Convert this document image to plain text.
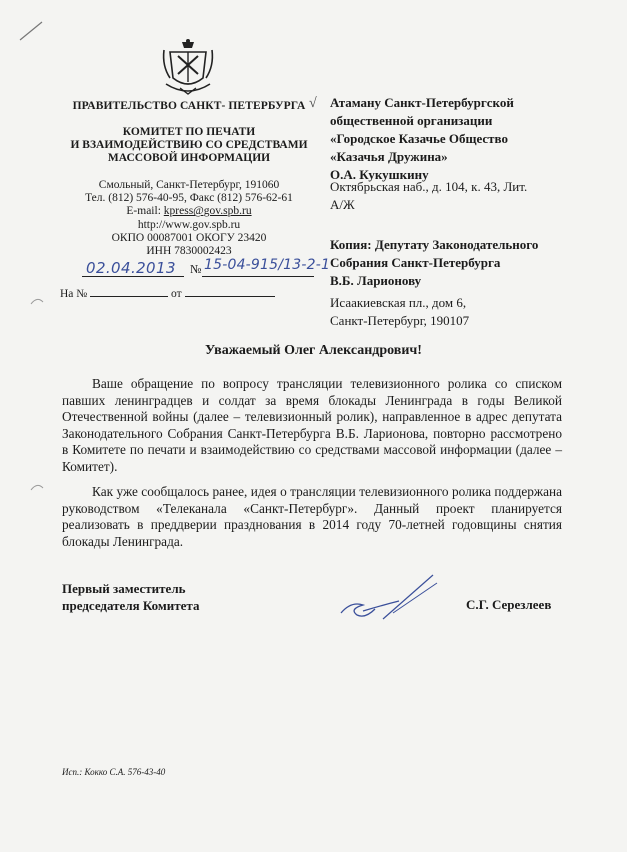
ПРАВИТЕЛЬСТВО САНКТ- ПЕТЕРБУРГА √
КОМИТЕТ ПО ПЕЧАТИ
И ВЗАИМОДЕЙСТВИЮ СО СРЕДСТВАМИ
МАССОВОЙ ИНФОРМАЦИИ
Смольный, Санкт-Петербург, 191060
Тел. (812) 576-40-95, Факс (812) 576-62-61
E-mail: kpress@gov.spb.ru
http://www.gov.spb.ru
ОКПО 00087001 ОКОГУ 23420
ИНН 7830002423
02.04.2013 № 15-04-915/13-2-1
На №	от
Атаману Санкт-Петербургской
общественной организации
«Городское Казачье Общество
«Казачья Дружина»
О.А. Кукушкину
Октябрьская наб., д. 104, к. 43, Лит.
А/Ж
Копия: Депутату Законодательного
Собрания Санкт-Петербурга
В.Б. Ларионову
Исаакиевская пл., дом 6,
Санкт-Петербург, 190107
Уважаемый Олег Александрович!
Ваше обращение по вопросу трансляции телевизионного ролика со списком павших ленинградцев и солдат за время блокады Ленинграда в годы Великой Отечественной войны (далее – телевизионный ролик), направленное в адрес депутата Законодательного Собрания Санкт-Петербурга В.Б. Ларионова, повторно рассмотрено в Комитете по печати и взаимодействию со средствами массовой информации (далее – Комитет).
Как уже сообщалось ранее, идея о трансляции телевизионного ролика поддержана руководством «Телеканала «Санкт-Петербург». Данный проект планируется реализовать в преддверии празднования в 2014 году 70-летней годовщины снятия блокады Ленинграда.
Первый заместитель
председателя Комитета	С.Г. Серезлеев
Исп.: Кокко С.А. 576-43-40
